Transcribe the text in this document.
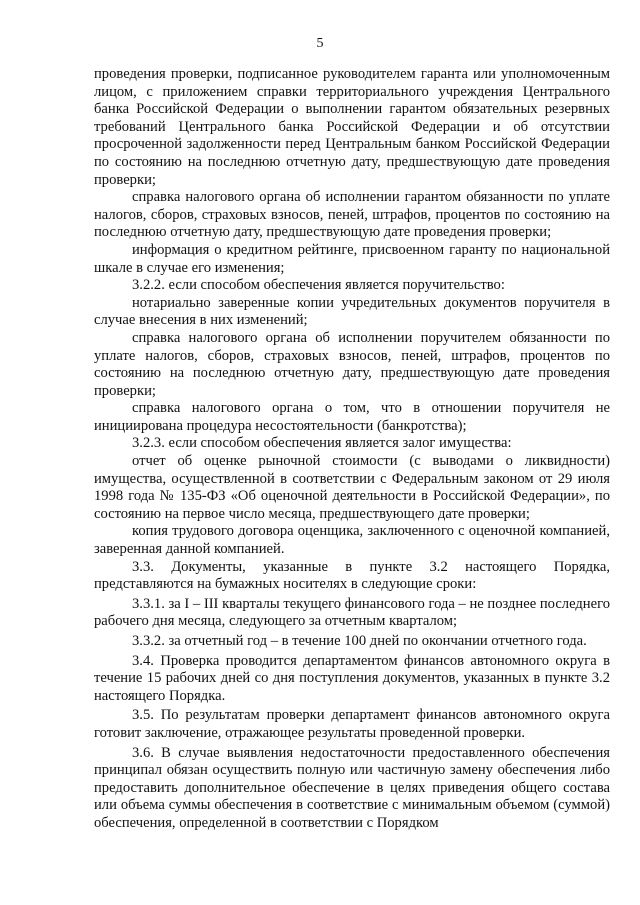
5

проведения проверки, подписанное руководителем гаранта или уполномоченным лицом, с приложением справки территориального учреждения Центрального банка Российской Федерации о выполнении гарантом обязательных резервных требований Центрального банка Российской Федерации и об отсутствии просроченной задолженности перед Центральным банком Российской Федерации по состоянию на последнюю отчетную дату, предшествующую дате проведения проверки;

справка налогового органа об исполнении гарантом обязанности по уплате налогов, сборов, страховых взносов, пеней, штрафов, процентов по состоянию на последнюю отчетную дату, предшествующую дате проведения проверки;

информация о кредитном рейтинге, присвоенном гаранту по национальной шкале в случае его изменения;

3.2.2. если способом обеспечения является поручительство:

нотариально заверенные копии учредительных документов поручителя в случае внесения в них изменений;

справка налогового органа об исполнении поручителем обязанности по уплате налогов, сборов, страховых взносов, пеней, штрафов, процентов по состоянию на последнюю отчетную дату, предшествующую дате проведения проверки;

справка налогового органа о том, что в отношении поручителя не инициирована процедура несостоятельности (банкротства);

3.2.3. если способом обеспечения является залог имущества:

отчет об оценке рыночной стоимости (с выводами о ликвидности) имущества, осуществленной в соответствии с Федеральным законом от 29 июля 1998 года № 135-ФЗ «Об оценочной деятельности в Российской Федерации», по состоянию на первое число месяца, предшествующего дате проверки;

копия трудового договора оценщика, заключенного с оценочной компанией, заверенная данной компанией.

3.3. Документы, указанные в пункте 3.2 настоящего Порядка, представляются на бумажных носителях в следующие сроки:

3.3.1. за I – III кварталы текущего финансового года – не позднее последнего рабочего дня месяца, следующего за отчетным кварталом;

3.3.2. за отчетный год – в течение 100 дней по окончании отчетного года.

3.4. Проверка проводится департаментом финансов автономного округа в течение 15 рабочих дней со дня поступления документов, указанных в пункте 3.2 настоящего Порядка.

3.5. По результатам проверки департамент финансов автономного округа готовит заключение, отражающее результаты проведенной проверки.

3.6. В случае выявления недостаточности предоставленного обеспечения принципал обязан осуществить полную или частичную замену обеспечения либо предоставить дополнительное обеспечение в целях приведения общего состава или объема суммы обеспечения в соответствие с минимальным объемом (суммой) обеспечения, определенной в соответствии с Порядком
